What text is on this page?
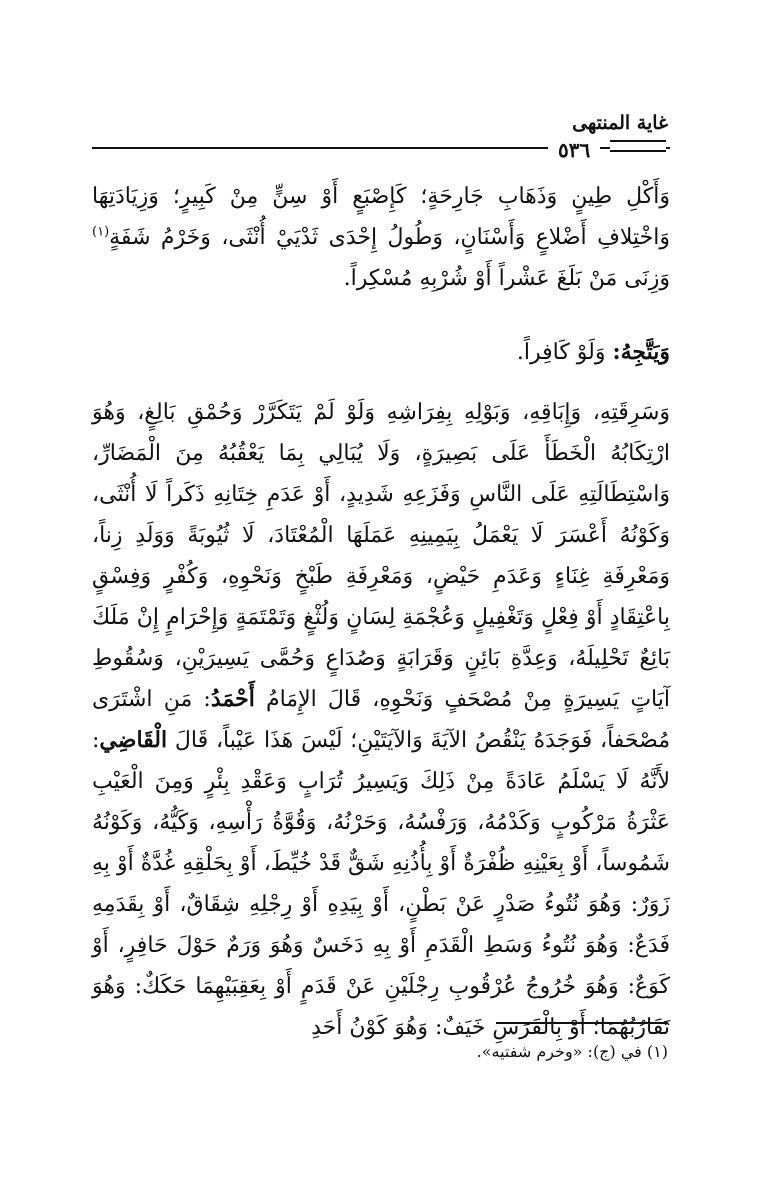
غاية المنتهى
٥٣٦

وَأَكْلِ طِينٍ وَذَهَابِ جَارِحَةٍ؛ كَإِصْبَعٍ أَوْ سِنٍّ مِنْ كَبِيرٍ؛ وَزِيَادَتِهَا وَاخْتِلافِ أَضْلاعٍ وَأَسْنَانٍ، وَطُولُ إِحْدَى ثَدْيَيْ أُنْثَى، وَخَرْمُ شَفَةٍ$^{(١)}$ وَزِنَى مَنْ بَلَغَ عَشْراً أَوْ شُرْبِهِ مُسْكِراً.

وَيَتَّجِهُ: وَلَوْ كَافِراً.

وَسَرِقَتِهِ، وَإِبَاقِهِ، وَبَوْلِهِ بِفِرَاشِهِ وَلَوْ لَمْ يَتَكَرَّرْ وَحُمْقِ بَالِغٍ، وَهُوَ ارْتِكَابُهُ الْخَطَأَ عَلَى بَصِيرَةٍ، وَلَا يُبَالِي بِمَا يَعْقُبُهُ مِنَ الْمَضَارِّ، وَاسْتِطَالَتِهِ عَلَى النَّاسِ وَفَزَعِهِ شَدِيدٍ، أَوْ عَدَمِ خِتَانِهِ ذَكَراً لَا أُنْثَى، وَكَوْنُهُ أَعْسَرَ لَا يَعْمَلُ بِيَمِينِهِ عَمَلَهَا الْمُعْتَادَ، لَا ثُيُوبَةً وَوَلَدِ زِناً، وَمَعْرِفَةِ غِنَاءٍ وَعَدَمِ حَيْضٍ، وَمَعْرِفَةِ طَبْخٍ وَنَحْوِهِ، وَكُفْرٍ وَفِسْقٍ بِاعْتِقَادٍ أَوْ فِعْلٍ وَتَغْفِيلٍ وَعُجْمَةِ لِسَانٍ وَلُثْغٍ وَتَمْتَمَةٍ وَإِحْرَامٍ إِنْ مَلَكَ بَائِعٌ تَحْلِيلَهُ، وَعِدَّةِ بَائِنٍ وَقَرَابَةٍ وَصُدَاعٍ وَحُمَّى يَسِيرَيْنِ، وَسُقُوطِ آيَاتٍ يَسِيرَةٍ مِنْ مُصْحَفٍ وَنَحْوِهِ، قَالَ الإِمَامُ أَحْمَدُ: مَنِ اشْتَرَى مُصْحَفاً، فَوَجَدَهُ يَنْقُصُ الآيَةَ وَالآيَتَيْنِ؛ لَيْسَ هَذَا عَيْباً، قَالَ الْقَاضِي: لأَنَّهُ لَا يَسْلَمُ عَادَةً مِنْ ذَلِكَ وَيَسِيرُ تُرَابٍ وَعَقْدِ بِئْرٍ وَمِنَ الْعَيْبِ عَثْرَةُ مَرْكُوبٍ وَكَدْمُهُ، وَرَفْسُهُ، وَحَرْنُهُ، وَقُوَّةُ رَأْسِهِ، وَكَيُّهُ، وَكَوْنُهُ شَمُوساً، أَوْ بِعَيْنِهِ ظُفْرَةٌ أَوْ بِأُذُنِهِ شَقٌّ قَدْ خُيِّطَ، أَوْ بِحَلْقِهِ غُدَّةٌ أَوْ بِهِ زَوَرٌ: وَهُوَ نُتُوءُ صَدْرٍ عَنْ بَطْنٍ، أَوْ بِيَدِهِ أَوْ رِجْلِهِ شِقَاقٌ، أَوْ بِقَدَمِهِ فَدَعٌ: وَهُوَ نُتُوءُ وَسَطِ الْقَدَمِ أَوْ بِهِ دَخَسٌ وَهُوَ وَرَمٌ حَوْلَ حَافِرٍ، أَوْ كَوَعٌ: وَهُوَ خُرُوجُ عُرْقُوبِ رِجْلَيْنِ عَنْ قَدَمٍ أَوْ بِعَقِبَيْهِمَا حَكَكٌ: وَهُوَ تَقَارُبُهُمَا؛ أَوْ بِالْفَرَسِ خَيَفٌ: وَهُوَ كَوْنُ أَحَدِ

(١) في (ج): «وخرم شفتيه».
